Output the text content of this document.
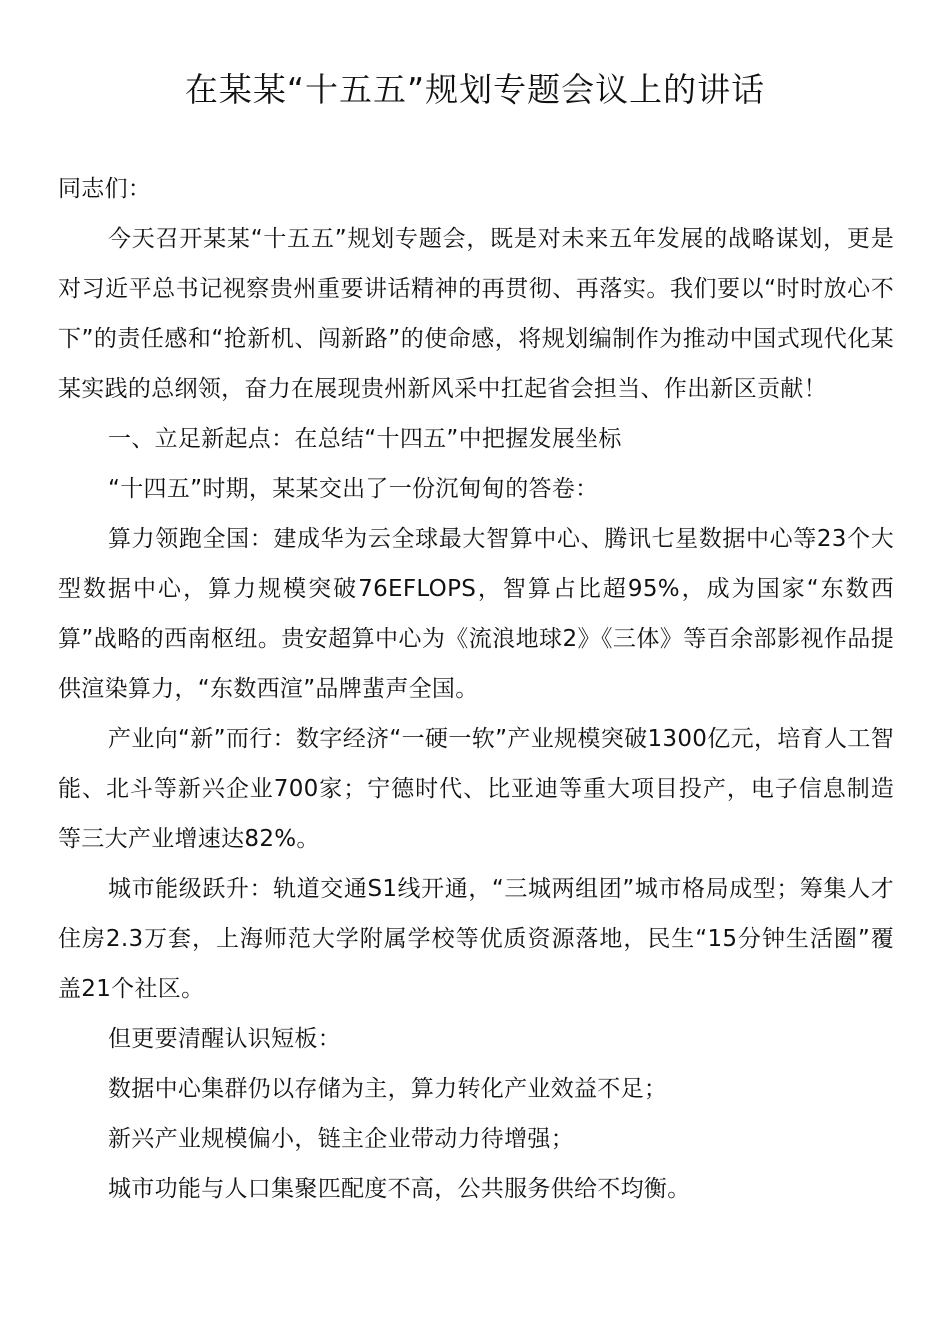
在某某“十五五”规划专题会议上的讲话

同志们：

今天召开某某“十五五”规划专题会，既是对未来五年发展的战略谋划，更是对习近平总书记视察贵州重要讲话精神的再贯彻、再落实。我们要以“时时放心不下”的责任感和“抢新机、闯新路”的使命感，将规划编制作为推动中国式现代化某某实践的总纲领，奋力在展现贵州新风采中扛起省会担当、作出新区贡献！

一、立足新起点：在总结“十四五”中把握发展坐标

“十四五”时期，某某交出了一份沉甸甸的答卷：

算力领跑全国：建成华为云全球最大智算中心、腾讯七星数据中心等23个大型数据中心，算力规模突破76EFLOPS，智算占比超95%，成为国家“东数西算”战略的西南枢纽。贵安超算中心为《流浪地球2》《三体》等百余部影视作品提供渲染算力，“东数西渲”品牌蜚声全国。

产业向“新”而行：数字经济“一硬一软”产业规模突破1300亿元，培育人工智能、北斗等新兴企业700家；宁德时代、比亚迪等重大项目投产，电子信息制造等三大产业增速达82%。

城市能级跃升：轨道交通S1线开通，“三城两组团”城市格局成型；筹集人才住房2.3万套，上海师范大学附属学校等优质资源落地，民生“15分钟生活圈”覆盖21个社区。

但更要清醒认识短板：

数据中心集群仍以存储为主，算力转化产业效益不足；

新兴产业规模偏小，链主企业带动力待增强；

城市功能与人口集聚匹配度不高，公共服务供给不均衡。
